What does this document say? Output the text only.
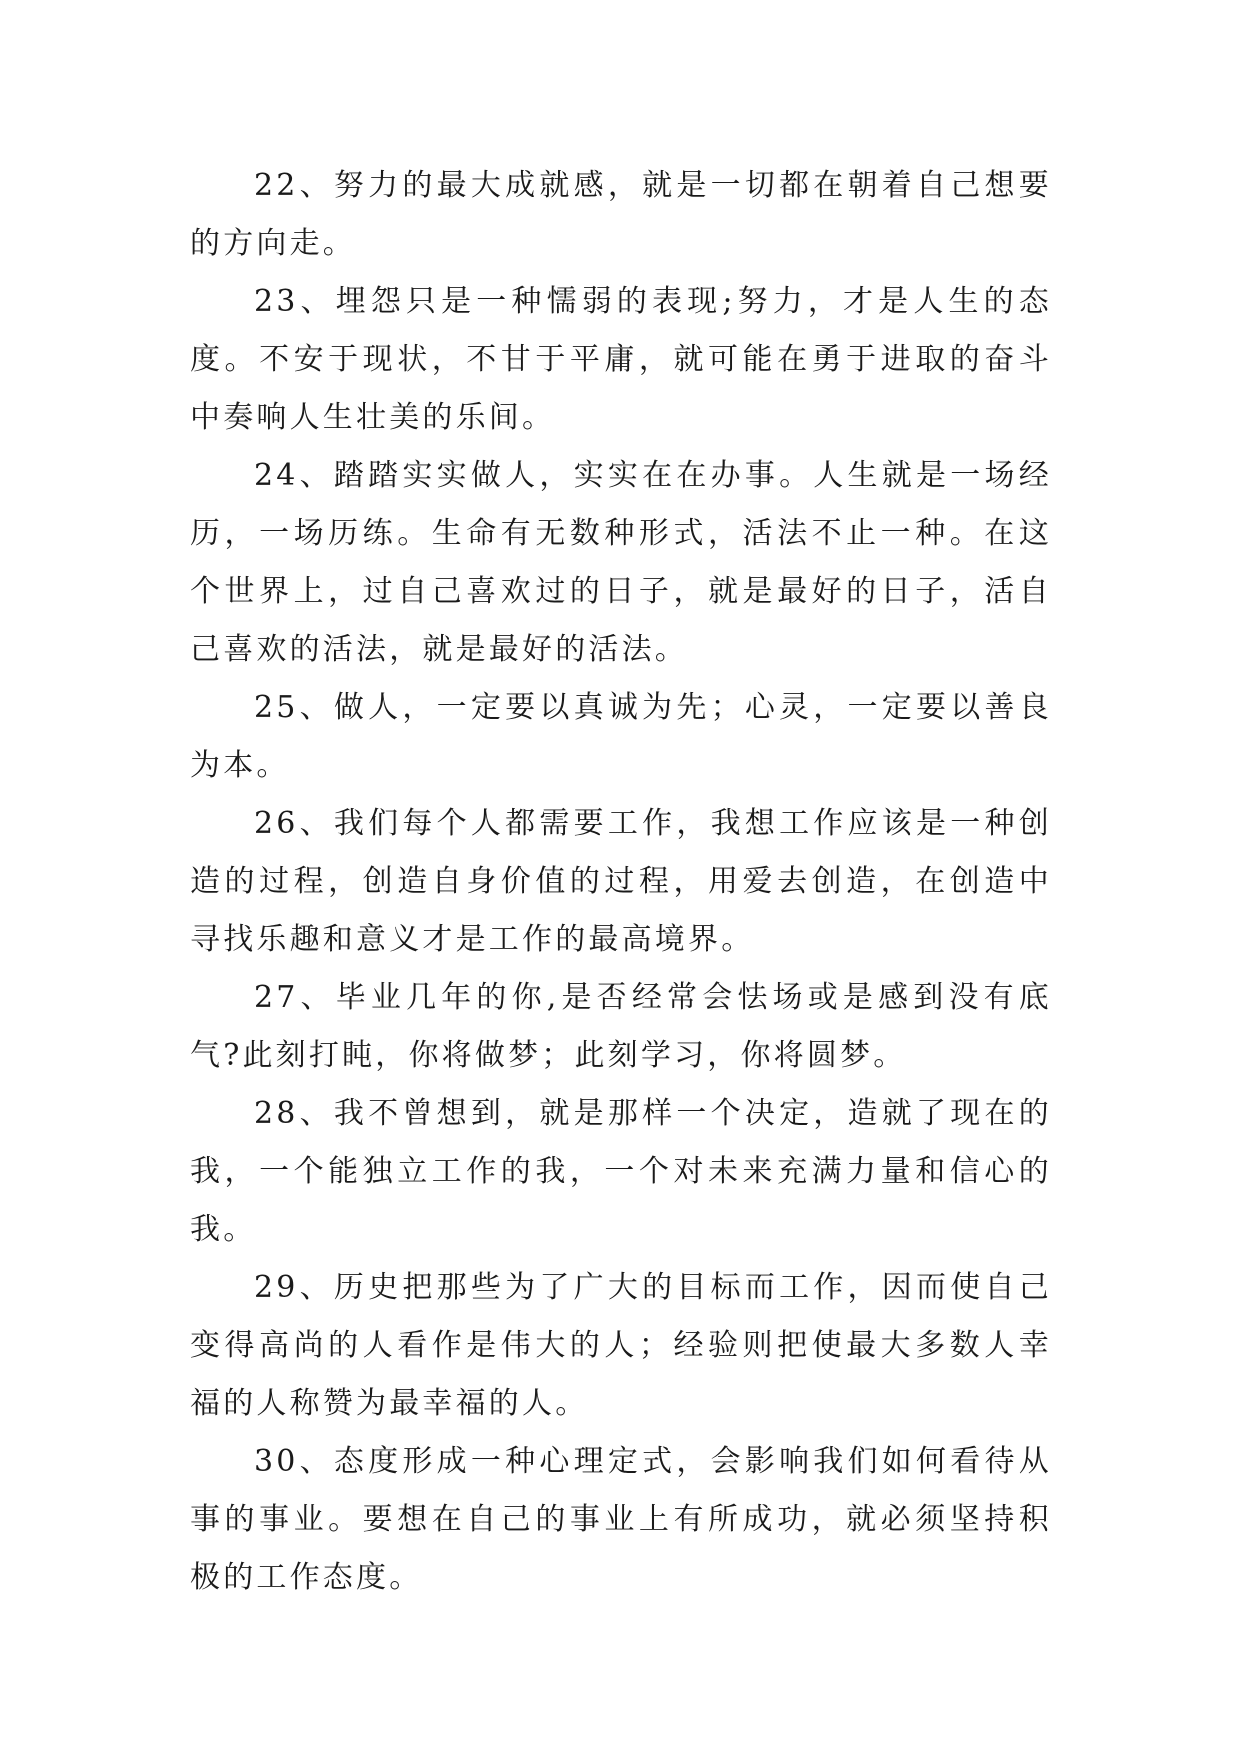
22、努力的最大成就感，就是一切都在朝着自己想要的方向走。

23、埋怨只是一种懦弱的表现;努力，才是人生的态度。不安于现状，不甘于平庸，就可能在勇于进取的奋斗中奏响人生壮美的乐间。

24、踏踏实实做人，实实在在办事。人生就是一场经历，一场历练。生命有无数种形式，活法不止一种。在这个世界上，过自己喜欢过的日子，就是最好的日子，活自己喜欢的活法，就是最好的活法。

25、做人，一定要以真诚为先；心灵，一定要以善良为本。

26、我们每个人都需要工作，我想工作应该是一种创造的过程，创造自身价值的过程，用爱去创造，在创造中寻找乐趣和意义才是工作的最高境界。

27、毕业几年的你,是否经常会怯场或是感到没有底气?此刻打盹，你将做梦；此刻学习，你将圆梦。

28、我不曾想到，就是那样一个决定，造就了现在的我，一个能独立工作的我，一个对未来充满力量和信心的我。

29、历史把那些为了广大的目标而工作，因而使自己变得高尚的人看作是伟大的人；经验则把使最大多数人幸福的人称赞为最幸福的人。

30、态度形成一种心理定式，会影响我们如何看待从事的事业。要想在自己的事业上有所成功，就必须坚持积极的工作态度。
